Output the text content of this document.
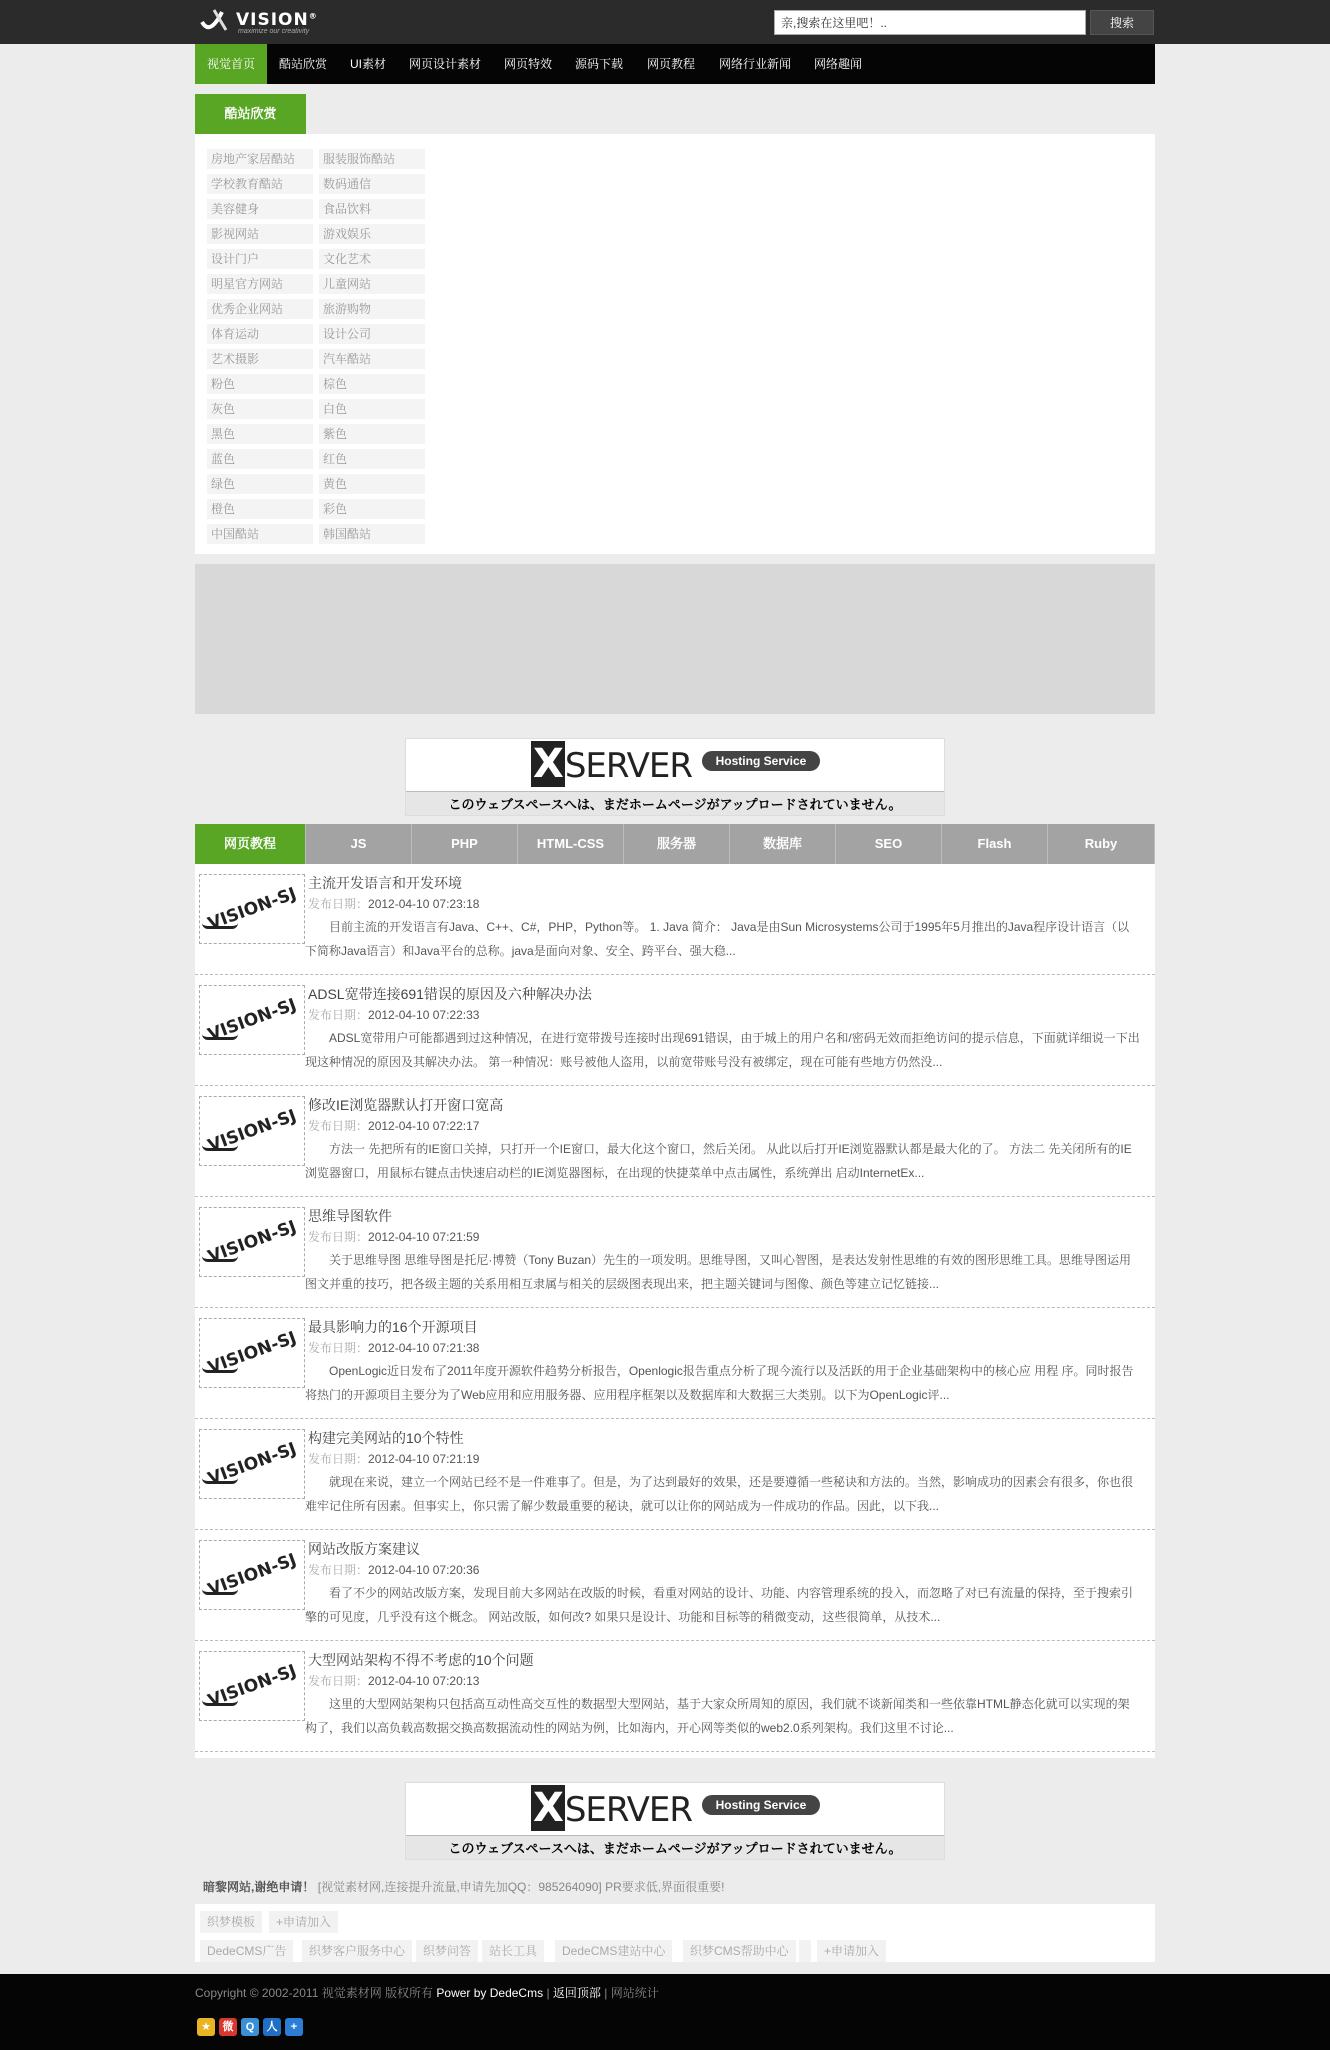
VISION®
maximize our creativity
亲,搜索在这里吧！..
搜索
视觉首页	酷站欣赏	UI素材	网页设计素材	网页特效	源码下载	网页教程	网络行业新闻	网络趣闻
酷站欣赏
房地产家居酷站	服装服饰酷站
学校教育酷站	数码通信
美容健身	食品饮料
影视网站	游戏娱乐
设计门户	文化艺术
明星官方网站	儿童网站
优秀企业网站	旅游购物
体育运动	设计公司
艺术摄影	汽车酷站
粉色	棕色
灰色	白色
黑色	紫色
蓝色	红色
绿色	黄色
橙色	彩色
中国酷站	韩国酷站
XSERVER	Hosting Service
このウェブスペースへは、まだホームページがアップロードされていません。
网页教程	JS	PHP	HTML-CSS	服务器	数据库	SEO	Flash	Ruby
VISION-SJ
主流开发语言和开发环境
发布日期：2012-04-10 07:23:18
目前主流的开发语言有Java、C++、C#，PHP，Python等。 1. Java 简介： Java是由Sun Microsystems公司于1995年5月推出的Java程序设计语言（以下简称Java语言）和Java平台的总称。java是面向对象、安全、跨平台、强大稳...
VISION-SJ
ADSL宽带连接691错误的原因及六种解决办法
发布日期：2012-04-10 07:22:33
ADSL宽带用户可能都遇到过这种情况，在进行宽带拨号连接时出现691错误，由于城上的用户名和/密码无效而拒绝访问的提示信息，下面就详细说一下出现这种情况的原因及其解决办法。 第一种情况：账号被他人盗用，以前宽带账号没有被绑定，现在可能有些地方仍然没...
VISION-SJ
修改IE浏览器默认打开窗口宽高
发布日期：2012-04-10 07:22:17
方法一 先把所有的IE窗口关掉，只打开一个IE窗口，最大化这个窗口，然后关闭。 从此以后打开IE浏览器默认都是最大化的了。 方法二 先关闭所有的IE浏览器窗口，用鼠标右键点击快速启动栏的IE浏览器图标，在出现的快捷菜单中点击属性，系统弹出 启动InternetEx...
VISION-SJ
思维导图软件
发布日期：2012-04-10 07:21:59
关于思维导图 思维导图是托尼·博赞（Tony Buzan）先生的一项发明。思维导图，又叫心智图，是表达发射性思维的有效的图形思维工具。思维导图运用图文并重的技巧，把各级主题的关系用相互隶属与相关的层级图表现出来，把主题关键词与图像、颜色等建立记忆链接...
VISION-SJ
最具影响力的16个开源项目
发布日期：2012-04-10 07:21:38
OpenLogic近日发布了2011年度开源软件趋势分析报告，Openlogic报告重点分析了现今流行以及活跃的用于企业基础架构中的核心应 用程 序。同时报告将热门的开源项目主要分为了Web应用和应用服务器、应用程序框架以及数据库和大数据三大类别。以下为OpenLogic评...
VISION-SJ
构建完美网站的10个特性
发布日期：2012-04-10 07:21:19
就现在来说，建立一个网站已经不是一件难事了。但是，为了达到最好的效果，还是要遵循一些秘诀和方法的。当然，影响成功的因素会有很多，你也很难牢记住所有因素。但事实上，你只需了解少数最重要的秘诀，就可以让你的网站成为一件成功的作品。因此，以下我...
VISION-SJ
网站改版方案建议
发布日期：2012-04-10 07:20:36
看了不少的网站改版方案，发现目前大多网站在改版的时候，看重对网站的设计、功能、内容管理系统的投入，而忽略了对已有流量的保持，至于搜索引擎的可见度，几乎没有这个概念。 网站改版，如何改? 如果只是设计、功能和目标等的稍微变动，这些很简单，从技术...
VISION-SJ
大型网站架构不得不考虑的10个问题
发布日期：2012-04-10 07:20:13
这里的大型网站架构只包括高互动性高交互性的数据型大型网站，基于大家众所周知的原因，我们就不谈新闻类和一些依靠HTML静态化就可以实现的架构了，我们以高负载高数据交换高数据流动性的网站为例，比如海内，开心网等类似的web2.0系列架构。我们这里不讨论...
XSERVER	Hosting Service
このウェブスペースへは、まだホームページがアップロードされていません。
暗黎网站,谢绝申请！ [视觉素材网,连接提升流量,申请先加QQ：985264090] PR要求低,界面很重要!
织梦模板	+申请加入
DedeCMS广告	织梦客户服务中心	织梦问答	站长工具	DedeCMS建站中心	织梦CMS帮助中心	+申请加入
Copyright © 2002-2011 视觉素材网 版权所有 Power by DedeCms | 返回顶部 | 网站统计
★	微	Q	人	+
